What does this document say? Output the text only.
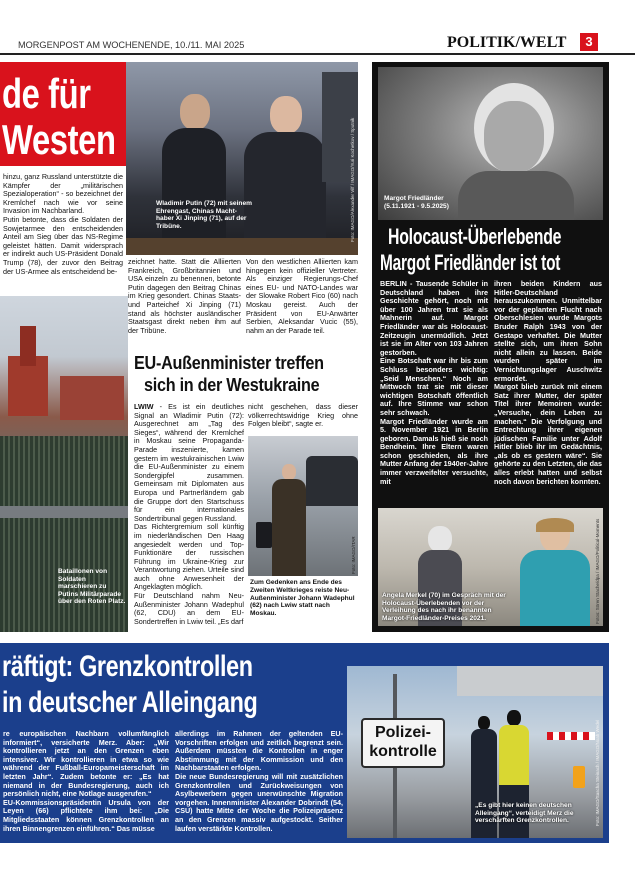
MORGENPOST AM WOCHENENDE, 10./11. MAI 2025	POLITIK/WELT	3
de für
Westen
Wladimir Putin (72) mit seinem Ehrengast, Chinas Machthaber Xi Jinping (71), auf der Tribüne.	Foto: IMAGO/Alexander Vilf / IMAGO/Yuri Kochetkov / Sputnik
hinzu, ganz Russland unterstützte die Kämpfer der „militärischen Spezialoperation“ - so bezeichnet der Kremlchef nach wie vor seine Invasion im Nachbarland.
Putin betonte, dass die Soldaten der Sowjetarmee den entscheidenden Anteil am Sieg über das NS-Regime geleistet hätten. Damit widersprach er indirekt auch US-Präsident Donald Trump (78), der zuvor den Beitrag der US-Armee als entscheidend be-
zeichnet hatte. Statt die Alliierten Frankreich, Großbritannien und USA einzeln zu benennen, betonte Putin dagegen den Beitrag Chinas im Krieg gesondert. Chinas Staats- und Parteichef Xi Jinping (71) stand als höchster ausländischer Staatsgast direkt neben ihm auf der Tribüne.
Von den westlichen Alliierten kam hingegen kein offizieller Vertreter. Als einziger Regierungs-Chef eines EU- und NATO-Landes war der Slowake Robert Fico (60) nach Moskau gereist. Auch der Präsident von EU-Anwärter Serbien, Aleksandar Vucic (55), nahm an der Parade teil.
Bataillonen von Soldaten marschieren zu Putins Militärparade über den Roten Platz.
EU-Außenminister treffen
sich in der Westukraine
LWIW - Es ist ein deutliches Signal an Wladimir Putin (72): Ausgerechnet am „Tag des Sieges“, während der Kremlchef in Moskau seine Propaganda-Parade inszenierte, kamen gestern im westukrainischen Lwiw die EU-Außenminister zu einem Sondergipfel zusammen. Gemeinsam mit Diplomaten aus Europa und Partnerländern gab die Gruppe dort den Startschuss für ein internationales Sondertribunal gegen Russland.
Das Richtergremium soll künftig im niederländischen Den Haag angesiedelt werden und Top-Funktionäre der russischen Führung im Ukraine-Krieg zur Verantwortung ziehen. Urteile sind auch ohne Anwesenheit der Angeklagten möglich.
Für Deutschland nahm Neu-Außenminister Johann Wadephul (62, CDU) an dem EU-Sondertreffen in Lwiw teil. „Es darf
nicht geschehen, dass dieser völkerrechtswidrige Krieg ohne Folgen bleibt“, sagte er.
Foto: IMAGO/ITAR
Zum Gedenken ans Ende des Zweiten Weltkrieges reiste Neu-Außenminister Johann Wadephul (62) nach Lwiw statt nach Moskau.
Margot Friedländer (5.11.1921 - 9.5.2025)
Holocaust-Überlebende
Margot Friedländer ist tot
BERLIN - Tausende Schüler in Deutschland haben ihre Geschichte gehört, noch mit über 100 Jahren trat sie als Mahnerin auf. Margot Friedländer war als Holocaust-Zeitzeugin unermüdlich. Jetzt ist sie im Alter von 103 Jahren gestorben.
Eine Botschaft war ihr bis zum Schluss besonders wichtig: „Seid Menschen.“ Noch am Mittwoch trat sie mit dieser wichtigen Botschaft öffentlich auf. Ihre Stimme war schon sehr schwach.
Margot Friedländer wurde am 5. November 1921 in Berlin geboren. Damals hieß sie noch Bendheim. Ihre Eltern waren schon geschieden, als ihre Mutter Anfang der 1940er-Jahre immer verzweifelter versuchte, mit
ihren beiden Kindern aus Hitler-Deutschland herauszukommen. Unmittelbar vor der geplanten Flucht nach Oberschlesien wurde Margots Bruder Ralph 1943 von der Gestapo verhaftet. Die Mutter stellte sich, um ihren Sohn nicht allein zu lassen. Beide wurden später im Vernichtungslager Auschwitz ermordet.
Margot blieb zurück mit einem Satz ihrer Mutter, der später Titel ihrer Memoiren wurde: „Versuche, dein Leben zu machen.“ Die Verfolgung und Entrechtung ihrer eigenen jüdischen Familie unter Adolf Hitler blieb ihr im Gedächtnis, „als ob es gestern wäre“. Sie gehörte zu den Letzten, die das alles erlebt hatten und selbst noch davon berichten konnten.
Angela Merkel (70) im Gespräch mit der Holocaust-Überlebenden vor der Verleihung des nach ihr benannten Margot-Friedländer-Preises 2021.	Fotos: Sören Stache/dpa / IMAGO/Political-Moments
räftigt: Grenzkontrollen
in deutscher Alleingang
re europäischen Nachbarn vollumfänglich informiert“, versicherte Merz. Aber: „Wir kontrollieren jetzt an den Grenzen eben intensiver. Wir kontrollieren in etwa so wie während der Fußball-Europameisterschaft im letzten Jahr“. Zudem betonte er: „Es hat niemand in der Bundesregierung, auch ich persönlich nicht, eine Notlage ausgerufen.“
EU-Kommissionspräsidentin Ursula von der Leyen (66) pflichtete ihm bei: „Die Mitgliedsstaaten können Grenzkontrollen an ihren Binnengrenzen einführen.“ Das müsse
allerdings im Rahmen der geltenden EU-Vorschriften erfolgen und zeitlich begrenzt sein. Außerdem müssten die Kontrollen in enger Abstimmung mit der Kommission und den Nachbarstaaten erfolgen.
Die neue Bundesregierung will mit zusätzlichen Grenzkontrollen und Zurückweisungen von Asylbewerbern gegen unerwünschte Migration vorgehen. Innenminister Alexander Dobrindt (54, CSU) hatte Mitte der Woche die Polizeipräsenz an den Grenzen massiv aufgestockt. Seither laufen verstärkte Kontrollen.
Polizei-
kontrolle
„Es gibt hier keinen deutschen Alleingang“, verteidigt Merz die verschärften Grenzkontrollen.	Foto: IMAGO/Sascha Steinach / IMAGO/Noah Wedel
